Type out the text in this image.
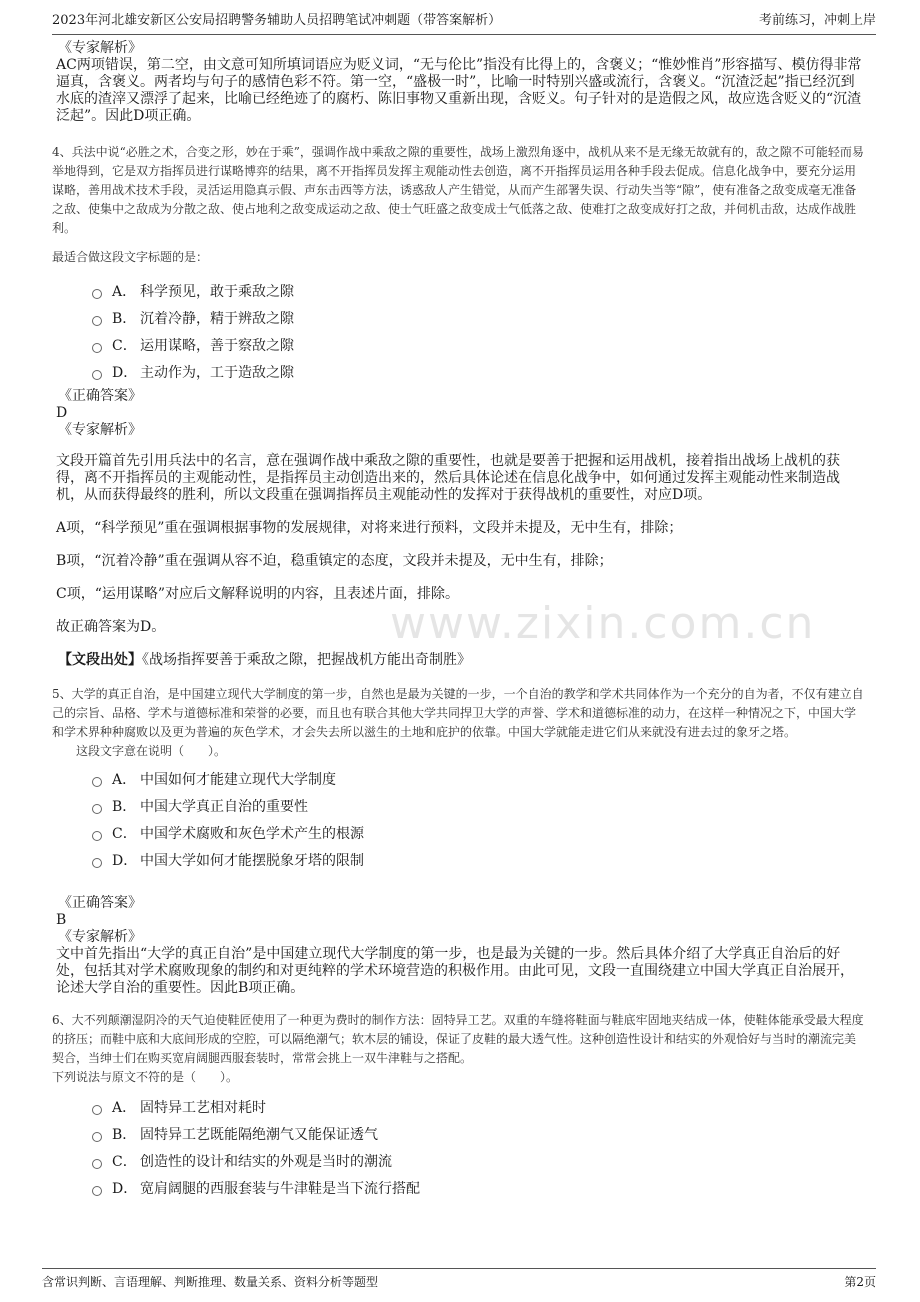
2023年河北雄安新区公安局招聘警务辅助人员招聘笔试冲刺题（带答案解析）	考前练习，冲刺上岸
www.zixin.com.cn

《专家解析》

AC两项错误，第二空，由文意可知所填词语应为贬义词，“无与伦比”指没有比得上的，含褒义；“惟妙惟肖”形容描写、模仿得非常逼真，含褒义。两者均与句子的感情色彩不符。第一空，“盛极一时”，比喻一时特别兴盛或流行，含褒义。“沉渣泛起”指已经沉到水底的渣滓又漂浮了起来，比喻已经绝迹了的腐朽、陈旧事物又重新出现，含贬义。句子针对的是造假之风，故应选含贬义的“沉渣泛起”。因此D项正确。

4、兵法中说“必胜之术，合变之形，妙在于乘”，强调作战中乘敌之隙的重要性，战场上激烈角逐中，战机从来不是无缘无故就有的，敌之隙不可能轻而易举地得到，它是双方指挥员进行谋略博弈的结果，离不开指挥员发挥主观能动性去创造，离不开指挥员运用各种手段去促成。信息化战争中，要充分运用谋略，善用战术技术手段，灵活运用隐真示假、声东击西等方法，诱惑敌人产生错觉，从而产生部署失误、行动失当等“隙”，使有准备之敌变成毫无准备之敌、使集中之敌成为分散之敌、使占地利之敌变成运动之敌、使士气旺盛之敌变成士气低落之敌、使难打之敌变成好打之敌，并伺机击敌，达成作战胜利。

最适合做这段文字标题的是：

A． 科学预见，敢于乘敌之隙
B． 沉着冷静，精于辨敌之隙
C． 运用谋略，善于察敌之隙
D． 主动作为，工于造敌之隙

《正确答案》

D

《专家解析》

文段开篇首先引用兵法中的名言，意在强调作战中乘敌之隙的重要性，也就是要善于把握和运用战机，接着指出战场上战机的获得，离不开指挥员的主观能动性，是指挥员主动创造出来的，然后具体论述在信息化战争中，如何通过发挥主观能动性来制造战机，从而获得最终的胜利，所以文段重在强调指挥员主观能动性的发挥对于获得战机的重要性，对应D项。

A项，“科学预见”重在强调根据事物的发展规律，对将来进行预料，文段并未提及，无中生有，排除；

B项，“沉着冷静”重在强调从容不迫，稳重镇定的态度，文段并未提及，无中生有，排除；

C项，“运用谋略”对应后文解释说明的内容，且表述片面，排除。

故正确答案为D。

【文段出处】《战场指挥要善于乘敌之隙，把握战机方能出奇制胜》

5、大学的真正自治，是中国建立现代大学制度的第一步，自然也是最为关键的一步，一个自治的教学和学术共同体作为一个充分的自为者，不仅有建立自己的宗旨、品格、学术与道德标准和荣誉的必要，而且也有联合其他大学共同捍卫大学的声誉、学术和道德标准的动力，在这样一种情况之下，中国大学和学术界种种腐败以及更为普遍的灰色学术，才会失去所以滋生的土地和庇护的依靠。中国大学就能走进它们从来就没有进去过的象牙之塔。

这段文字意在说明（　　）。

A． 中国如何才能建立现代大学制度
B． 中国大学真正自治的重要性
C． 中国学术腐败和灰色学术产生的根源
D． 中国大学如何才能摆脱象牙塔的限制

《正确答案》

B

《专家解析》

文中首先指出“大学的真正自治”是中国建立现代大学制度的第一步，也是最为关键的一步。然后具体介绍了大学真正自治后的好处，包括其对学术腐败现象的制约和对更纯粹的学术环境营造的积极作用。由此可见，文段一直围绕建立中国大学真正自治展开，论述大学自治的重要性。因此B项正确。

6、大不列颠潮湿阴冷的天气迫使鞋匠使用了一种更为费时的制作方法：固特异工艺。双重的车缝将鞋面与鞋底牢固地夹结成一体，使鞋体能承受最大程度的挤压；而鞋中底和大底间形成的空腔，可以隔绝潮气；软木层的铺设，保证了皮鞋的最大透气性。这种创造性设计和结实的外观恰好与当时的潮流完美契合，当绅士们在购买宽肩阔腿西服套装时，常常会挑上一双牛津鞋与之搭配。

下列说法与原文不符的是（　　）。

A． 固特异工艺相对耗时
B． 固特异工艺既能隔绝潮气又能保证透气
C． 创造性的设计和结实的外观是当时的潮流
D． 宽肩阔腿的西服套装与牛津鞋是当下流行搭配
含常识判断、言语理解、判断推理、数量关系、资料分析等题型	第2页
